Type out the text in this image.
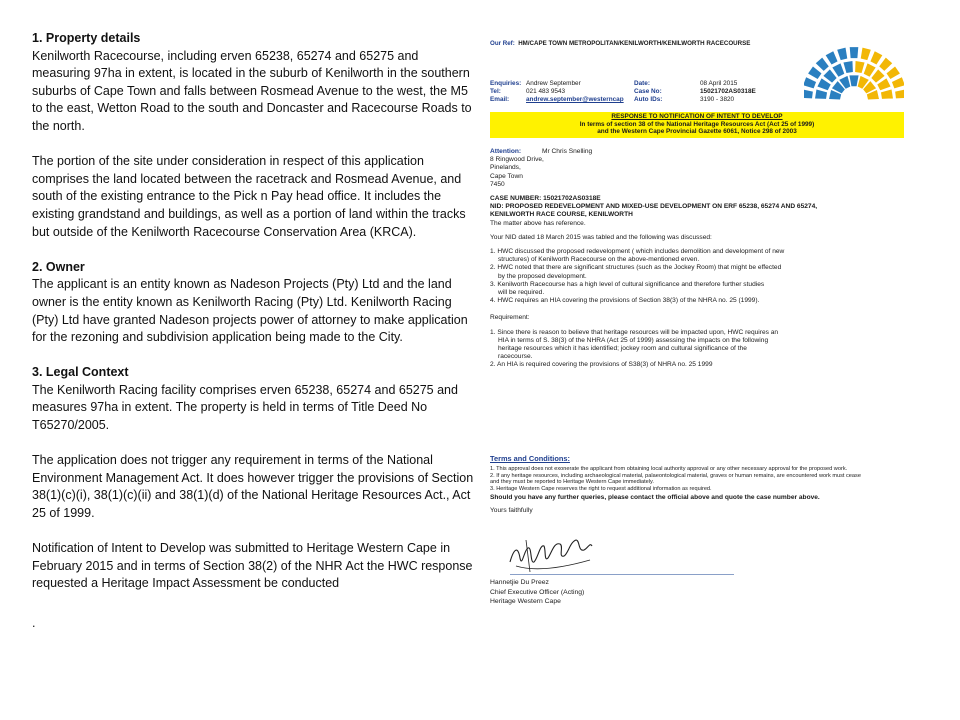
1. Property details

Kenilworth Racecourse, including erven 65238, 65274 and 65275 and measuring 97ha in extent, is located in the suburb of Kenilworth in the southern suburbs of Cape Town and falls between Rosmead Avenue to the west, the M5 to the east, Wetton Road to the south and Doncaster and Racecourse Roads to the north.

The portion of the site under consideration in respect of this application comprises the land located between the racetrack and Rosmead Avenue, and south of the existing entrance to the Pick n Pay head office. It includes the existing grandstand and buildings, as well as a portion of land within the tracks but outside of the Kenilworth Racecourse Conservation Area (KRCA).

2. Owner

The applicant is an entity known as Nadeson Projects (Pty) Ltd and the land owner is the entity known as Kenilworth Racing (Pty) Ltd. Kenilworth Racing (Pty) Ltd have granted Nadeson projects power of attorney to make application for the rezoning and subdivision application being made to the City.

3. Legal Context

The Kenilworth Racing facility comprises erven 65238, 65274 and 65275 and measures 97ha in extent. The property is held in terms of Title Deed No T65270/2005.

The application does not trigger any requirement in terms of the National Environment Management Act. It does however trigger the provisions of Section 38(1)(c)(i), 38(1)(c)(ii) and 38(1)(d) of the National Heritage Resources Act., Act 25 of 1999.

Notification of Intent to Develop was submitted to Heritage Western Cape in February 2015 and in terms of Section 38(2) of the NHR Act the HWC response requested a Heritage Impact Assessment be conducted

.
Our Ref: HM/CAPE TOWN METROPOLITAN/KENILWORTH/KENILWORTH RACECOURSE
Enquiries: Andrew September	Date:	08 April 2015
Tel:	021 483 9543	Case No:	15021702AS0318E
Email:	andrew.september@westerncap	Auto IDs:	3190 - 3820

RESPONSE TO NOTIFICATION OF INTENT TO DEVELOP
In terms of section 38 of the National Heritage Resources Act (Act 25 of 1999)
and the Western Cape Provincial Gazette 6061, Notice 298 of 2003
Attention:	Mr Chris Snelling
8 Ringwood Drive,
Pinelands,
Cape Town
7450
CASE NUMBER: 15021702AS0318E
NID: PROPOSED REDEVELOPMENT AND MIXED-USE DEVELOPMENT ON ERF 65238, 65274 AND 65274,
KENILWORTH RACE COURSE, KENILWORTH
The matter above has reference.
Your NID dated 18 March 2015 was tabled and the following was discussed:
1. HWC discussed the proposed redevelopment ( which includes demolition and development of new
structures) of Kenilworth Racecourse on the above-mentioned erven.
2. HWC noted that there are significant structures (such as the Jockey Room) that might be effected
by the proposed development.
3. Kenilworth Racecourse has a high level of cultural significance and therefore further studies
will be required.
4. HWC requires an HIA covering the provisions of Section 38(3) of the NHRA no. 25 (1999).
Requirement:
1. Since there is reason to believe that heritage resources will be impacted upon, HWC requires an
HIA in terms of S. 38(3) of the NHRA (Act 25 of 1999) assessing the impacts on the following
heritage resources which it has identified; jockey room and cultural significance of the
racecourse.
2. An HIA is required covering the provisions of S38(3) of NHRA no. 25 1999
Terms and Conditions:
1. This approval does not exonerate the applicant from obtaining local authority approval or any other necessary approval for the proposed work.
2. If any heritage resources, including archaeological material, palaeontological material, graves or human remains, are encountered work must cease
and they must be reported to Heritage Western Cape immediately.
3. Heritage Western Cape reserves the right to request additional information as required.
Should you have any further queries, please contact the official above and quote the case number above.
Yours faithfully
Hannetjie Du Preez
Chief Executive Officer (Acting)
Heritage Western Cape
